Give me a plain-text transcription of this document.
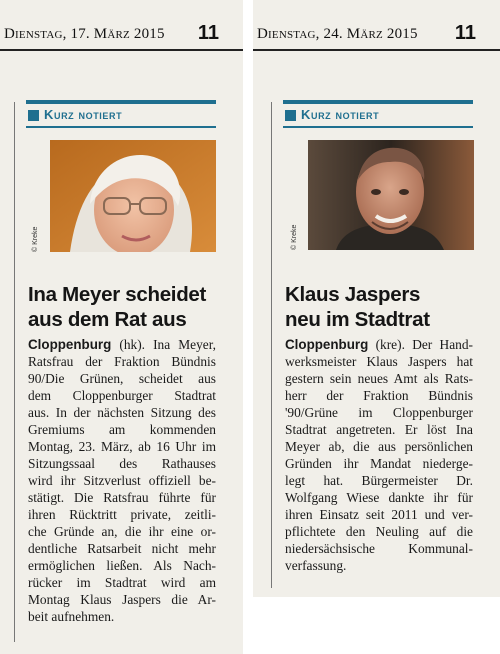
Dienstag, 17. März 2015 11
Kurz notiert
© Kreke
Ina Meyer scheidet
aus dem Rat aus
Cloppenburg (hk). Ina Meyer,
Ratsfrau der Fraktion Bündnis
90/Die Grünen, scheidet aus
dem Cloppenburger Stadtrat
aus. In der nächsten Sitzung des
Gremiums am kommenden
Montag, 23. März, ab 16 Uhr im
Sitzungssaal des Rathauses
wird ihr Sitzverlust offiziell be-
stätigt. Die Ratsfrau führte für
ihren Rücktritt private, zeitli-
che Gründe an, die ihr eine or-
dentliche Ratsarbeit nicht mehr
ermöglichen ließen. Als Nach-
rücker im Stadtrat wird am
Montag Klaus Jaspers die Ar-
beit aufnehmen.
Dienstag, 24. März 2015 11
Kurz notiert
© Kreke
Klaus Jaspers
neu im Stadtrat
Cloppenburg (kre). Der Hand-
werksmeister Klaus Jaspers hat
gestern sein neues Amt als Rats-
herr der Fraktion Bündnis
'90/Grüne im Cloppenburger
Stadtrat angetreten. Er löst Ina
Meyer ab, die aus persönlichen
Gründen ihr Mandat niederge-
legt hat. Bürgermeister Dr.
Wolfgang Wiese dankte ihr für
ihren Einsatz seit 2011 und ver-
pflichtete den Neuling auf die
niedersächsische Kommunal-
verfassung.
